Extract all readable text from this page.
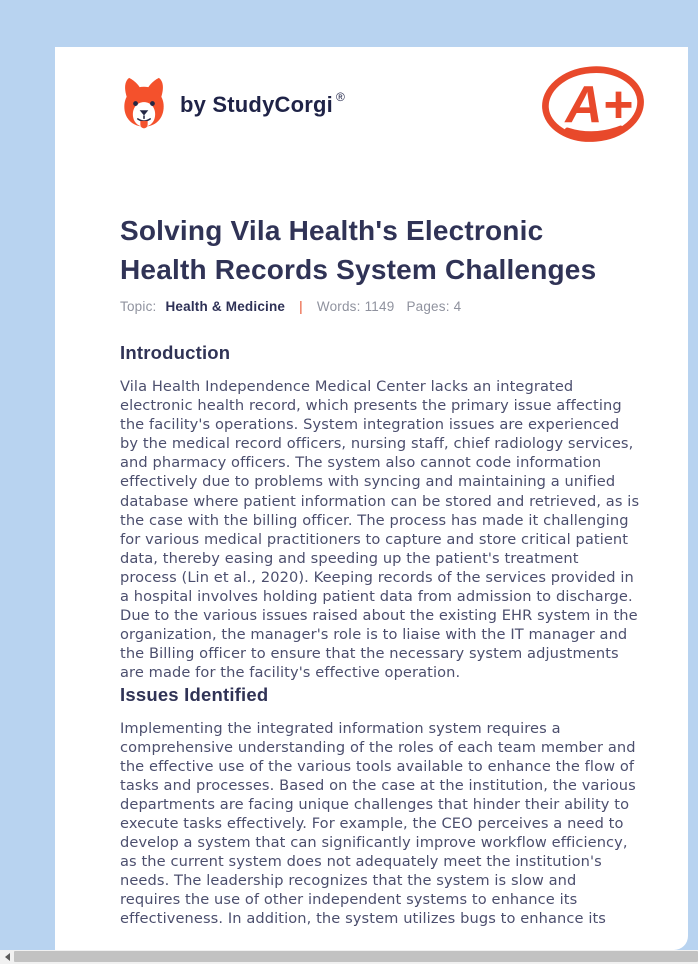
by StudyCorgi ®	A+
Solving Vila Health's Electronic Health Records System Challenges
Topic: Health & Medicine | Words: 1149 Pages: 4
Introduction

Vila Health Independence Medical Center lacks an integrated electronic health record, which presents the primary issue affecting the facility's operations. System integration issues are experienced by the medical record officers, nursing staff, chief radiology services, and pharmacy officers. The system also cannot code information effectively due to problems with syncing and maintaining a unified database where patient information can be stored and retrieved, as is the case with the billing officer. The process has made it challenging for various medical practitioners to capture and store critical patient data, thereby easing and speeding up the patient's treatment process (Lin et al., 2020). Keeping records of the services provided in a hospital involves holding patient data from admission to discharge. Due to the various issues raised about the existing EHR system in the organization, the manager's role is to liaise with the IT manager and the Billing officer to ensure that the necessary system adjustments are made for the facility's effective operation.

Issues Identified

Implementing the integrated information system requires a comprehensive understanding of the roles of each team member and the effective use of the various tools available to enhance the flow of tasks and processes. Based on the case at the institution, the various departments are facing unique challenges that hinder their ability to execute tasks effectively. For example, the CEO perceives a need to develop a system that can significantly improve workflow efficiency, as the current system does not adequately meet the institution's needs. The leadership recognizes that the system is slow and requires the use of other independent systems to enhance its effectiveness. In addition, the system utilizes bugs to enhance its
